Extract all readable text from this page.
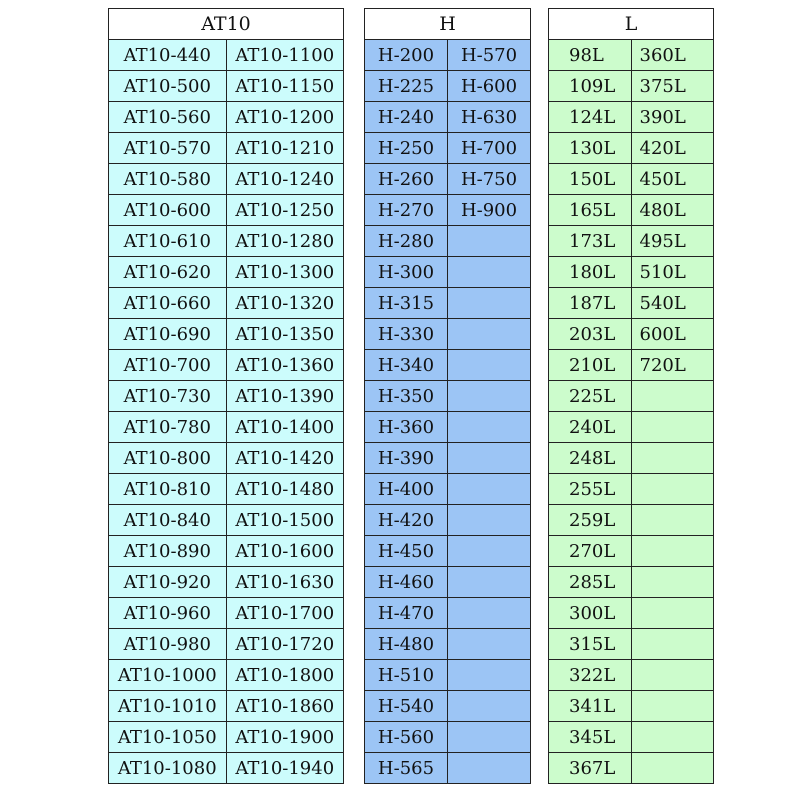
AT10	
AT10-440	AT10-1100
AT10-500	AT10-1150
AT10-560	AT10-1200
AT10-570	AT10-1210
AT10-580	AT10-1240
AT10-600	AT10-1250
AT10-610	AT10-1280
AT10-620	AT10-1300
AT10-660	AT10-1320
AT10-690	AT10-1350
AT10-700	AT10-1360
AT10-730	AT10-1390
AT10-780	AT10-1400
AT10-800	AT10-1420
AT10-810	AT10-1480
AT10-840	AT10-1500
AT10-890	AT10-1600
AT10-920	AT10-1630
AT10-960	AT10-1700
AT10-980	AT10-1720
AT10-1000	AT10-1800
AT10-1010	AT10-1860
AT10-1050	AT10-1900
AT10-1080	AT10-1940
H	
H-200	H-570
H-225	H-600
H-240	H-630
H-250	H-700
H-260	H-750
H-270	H-900
H-280	
H-300	
H-315	
H-330	
H-340	
H-350	
H-360	
H-390	
H-400	
H-420	
H-450	
H-460	
H-470	
H-480	
H-510	
H-540	
H-560	
H-565	
L	
98L	360L
109L	375L
124L	390L
130L	420L
150L	450L
165L	480L
173L	495L
180L	510L
187L	540L
203L	600L
210L	720L
225L	
240L	
248L	
255L	
259L	
270L	
285L	
300L	
315L	
322L	
341L	
345L	
367L	
